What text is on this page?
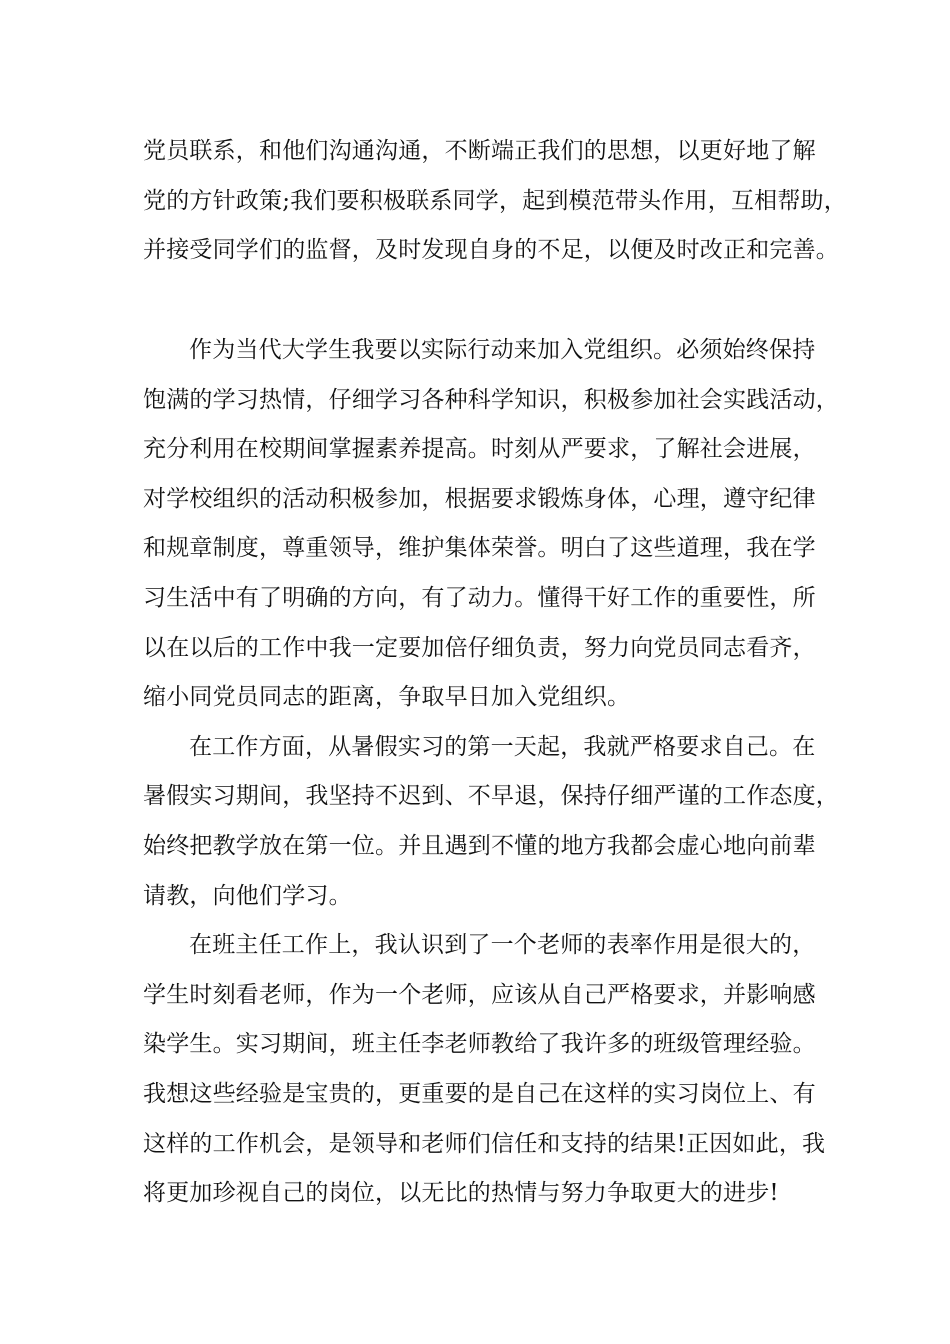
党员联系，和他们沟通沟通，不断端正我们的思想，以更好地了解
党的方针政策;我们要积极联系同学，起到模范带头作用，互相帮助，
并接受同学们的监督，及时发现自身的不足，以便及时改正和完善。
作为当代大学生我要以实际行动来加入党组织。必须始终保持
饱满的学习热情，仔细学习各种科学知识，积极参加社会实践活动，
充分利用在校期间掌握素养提高。时刻从严要求，了解社会进展，
对学校组织的活动积极参加，根据要求锻炼身体，心理，遵守纪律
和规章制度，尊重领导，维护集体荣誉。明白了这些道理，我在学
习生活中有了明确的方向，有了动力。懂得干好工作的重要性，所
以在以后的工作中我一定要加倍仔细负责，努力向党员同志看齐，
缩小同党员同志的距离，争取早日加入党组织。
在工作方面，从暑假实习的第一天起，我就严格要求自己。在
暑假实习期间，我坚持不迟到、不早退，保持仔细严谨的工作态度，
始终把教学放在第一位。并且遇到不懂的地方我都会虚心地向前辈
请教，向他们学习。
在班主任工作上，我认识到了一个老师的表率作用是很大的，
学生时刻看老师，作为一个老师，应该从自己严格要求，并影响感
染学生。实习期间，班主任李老师教给了我许多的班级管理经验。
我想这些经验是宝贵的，更重要的是自己在这样的实习岗位上、有
这样的工作机会，是领导和老师们信任和支持的结果!正因如此，我
将更加珍视自己的岗位，以无比的热情与努力争取更大的进步!
